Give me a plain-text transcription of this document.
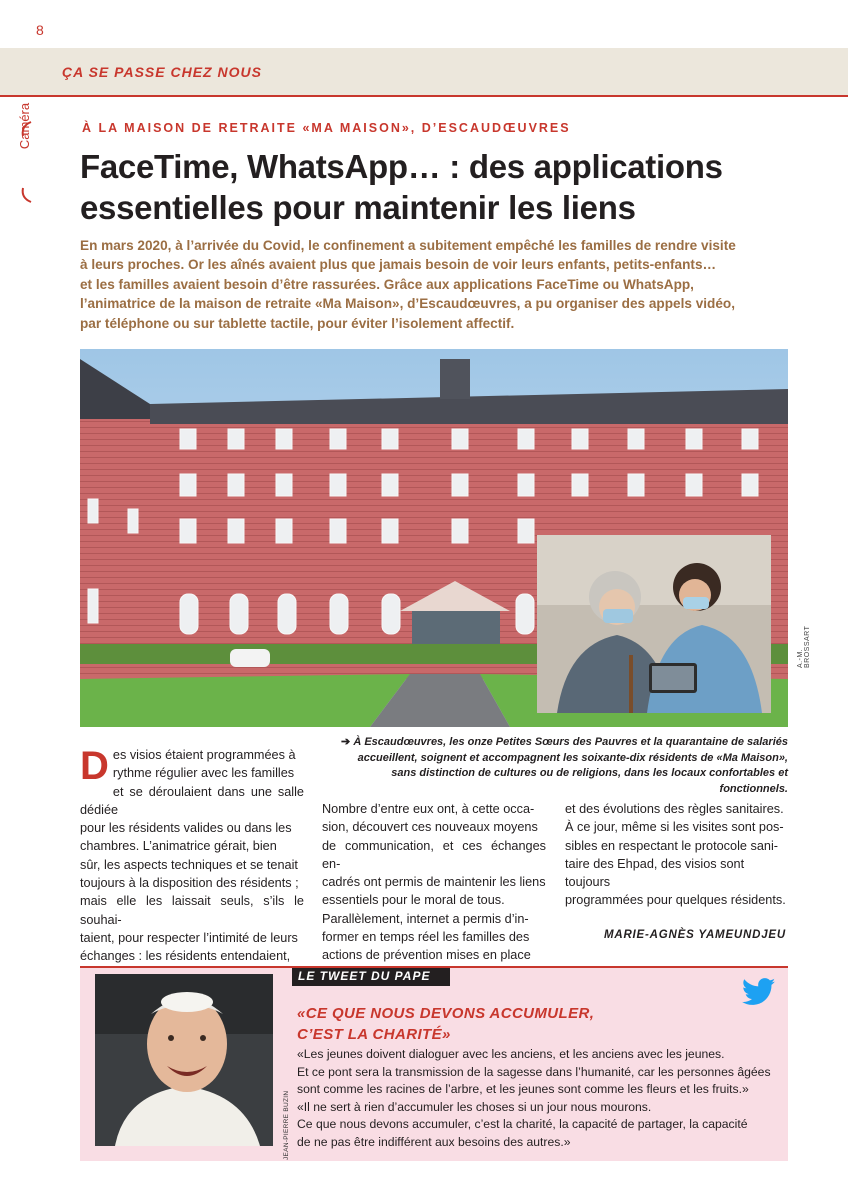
8
ÇA SE PASSE CHEZ NOUS
Caméra	À LA MAISON DE RETRAITE «MA MAISON», D’ESCAUDŒUVRES
FaceTime, WhatsApp… : des applications
essentielles pour maintenir les liens
En mars 2020, à l’arrivée du Covid, le confinement a subitement empêché les familles de rendre visite
à leurs proches. Or les aînés avaient plus que jamais besoin de voir leurs enfants, petits-enfants…
et les familles avaient besoin d’être rassurées. Grâce aux applications FaceTime ou WhatsApp,
l’animatrice de la maison de retraite «Ma Maison», d’Escaudœuvres, a pu organiser des appels vidéo,
par téléphone ou sur tablette tactile, pour éviter l’isolement affectif.
A.-M. BROSSART
➔ À Escaudœuvres, les onze Petites Sœurs des Pauvres et la quarantaine de salariés
accueillent, soignent et accompagnent les soixante-dix résidents de «Ma Maison»,
sans distinction de cultures ou de religions, dans les locaux confortables et fonctionnels.
D es visios étaient programmées à
rythme régulier avec les familles
et se déroulaient dans une salle dédiée
pour les résidents valides ou dans les
chambres. L’animatrice gérait, bien
sûr, les aspects techniques et se tenait
toujours à la disposition des résidents ;
mais elle les laissait seuls, s’ils le souhai-
taient, pour respecter l’intimité de leurs
échanges : les résidents entendaient,
Nombre d’entre eux ont, à cette occa-
sion, découvert ces nouveaux moyens
de communication, et ces échanges en-
cadrés ont permis de maintenir les liens
essentiels pour le moral de tous.
Parallèlement, internet a permis d’in-
former en temps réel les familles des
actions de prévention mises en place
et des évolutions des règles sanitaires.
À ce jour, même si les visites sont pos-
sibles en respectant le protocole sani-
taire des Ehpad, des visios sont toujours
programmées pour quelques résidents.
MARIE-AGNÈS YAMEUNDJEU
JEAN-PIERRE BUZIN
LE TWEET DU PAPE
«CE QUE NOUS DEVONS ACCUMULER,
C’EST LA CHARITÉ»
«Les jeunes doivent dialoguer avec les anciens, et les anciens avec les jeunes.
Et ce pont sera la transmission de la sagesse dans l’humanité, car les personnes âgées
sont comme les racines de l’arbre, et les jeunes sont comme les fleurs et les fruits.»
«Il ne sert à rien d’accumuler les choses si un jour nous mourons.
Ce que nous devons accumuler, c’est la charité, la capacité de partager, la capacité
de ne pas être indifférent aux besoins des autres.»
